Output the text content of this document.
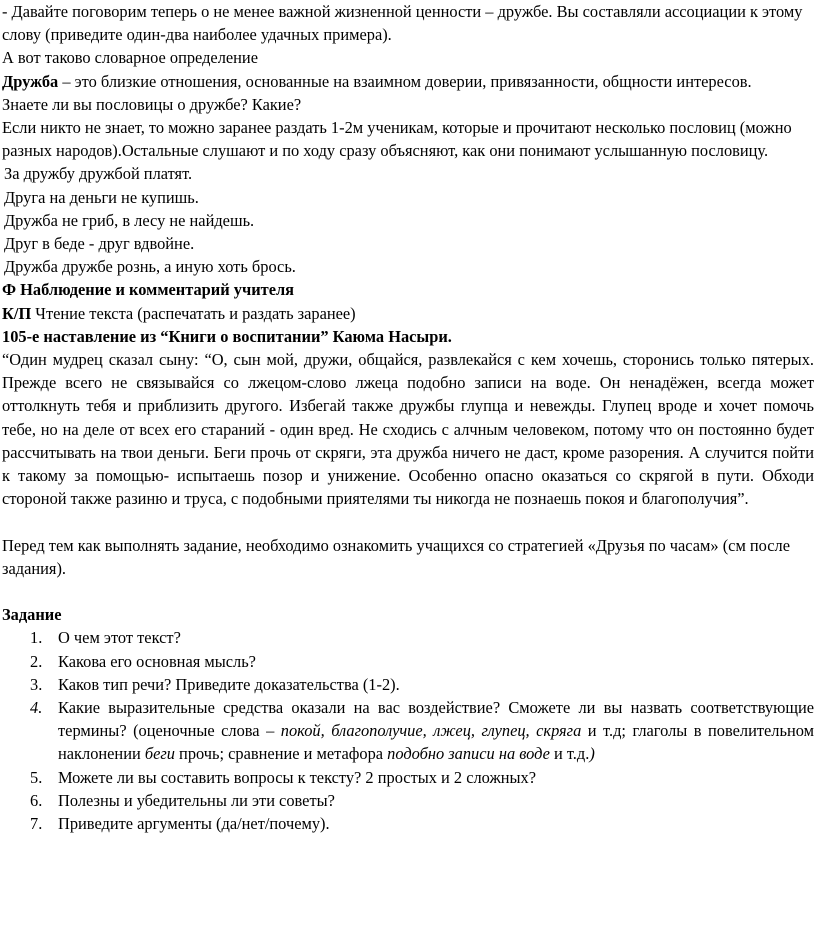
- Давайте поговорим теперь о не менее важной жизненной ценности – дружбе. Вы составляли ассоциации к этому слову (приведите один-два наиболее удачных примера).

А вот таково словарное определение

Дружба – это близкие отношения, основанные на взаимном доверии, привязанности, общности интересов.

Знаете ли вы пословицы о дружбе? Какие?

Если никто не знает, то можно заранее раздать 1-2м ученикам, которые и прочитают несколько пословиц (можно разных народов).Остальные слушают и по ходу сразу объясняют, как они понимают услышанную пословицу.

За дружбу дружбой платят.

Друга на деньги не купишь.

Дружба не гриб, в лесу не найдешь.

Друг в беде - друг вдвойне.

Дружба дружбе рознь, а иную хоть брось.

Ф Наблюдение и комментарий учителя

К/П Чтение текста (распечатать и раздать заранее)

105-е наставление из “Книги о воспитании” Каюма Насыри.

“Один мудрец сказал сыну: “О, сын мой, дружи, общайся, развлекайся с кем хочешь, сторонись только пятерых. Прежде всего не связывайся со лжецом-слово лжеца подобно записи на воде. Он ненадёжен, всегда может оттолкнуть тебя и приблизить другого. Избегай также дружбы глупца и невежды. Глупец вроде и хочет помочь тебе, но на деле от всех его стараний - один вред. Не сходись с алчным человеком, потому что он постоянно будет рассчитывать на твои деньги. Беги прочь от скряги, эта дружба ничего не даст, кроме разорения. А случится пойти к такому за помощью- испытаешь позор и унижение. Особенно опасно оказаться со скрягой в пути. Обходи стороной также разиню и труса, с подобными приятелями ты никогда не познаешь покоя и благополучия”.

Перед тем как выполнять задание, необходимо ознакомить учащихся со стратегией «Друзья по часам» (см после задания).

Задание

1. О чем этот текст?
2. Какова его основная мысль?
3. Каков тип речи? Приведите доказательства (1-2).
4. Какие выразительные средства оказали на вас воздействие? Сможете ли вы назвать соответствующие термины? (оценочные слова – покой, благополучие, лжец, глупец, скряга и т.д; глаголы в повелительном наклонении беги прочь; сравнение и метафора подобно записи на воде и т.д.)
5. Можете ли вы составить вопросы к тексту? 2 простых и 2 сложных?
6. Полезны и убедительны ли эти советы?
7. Приведите аргументы (да/нет/почему).
